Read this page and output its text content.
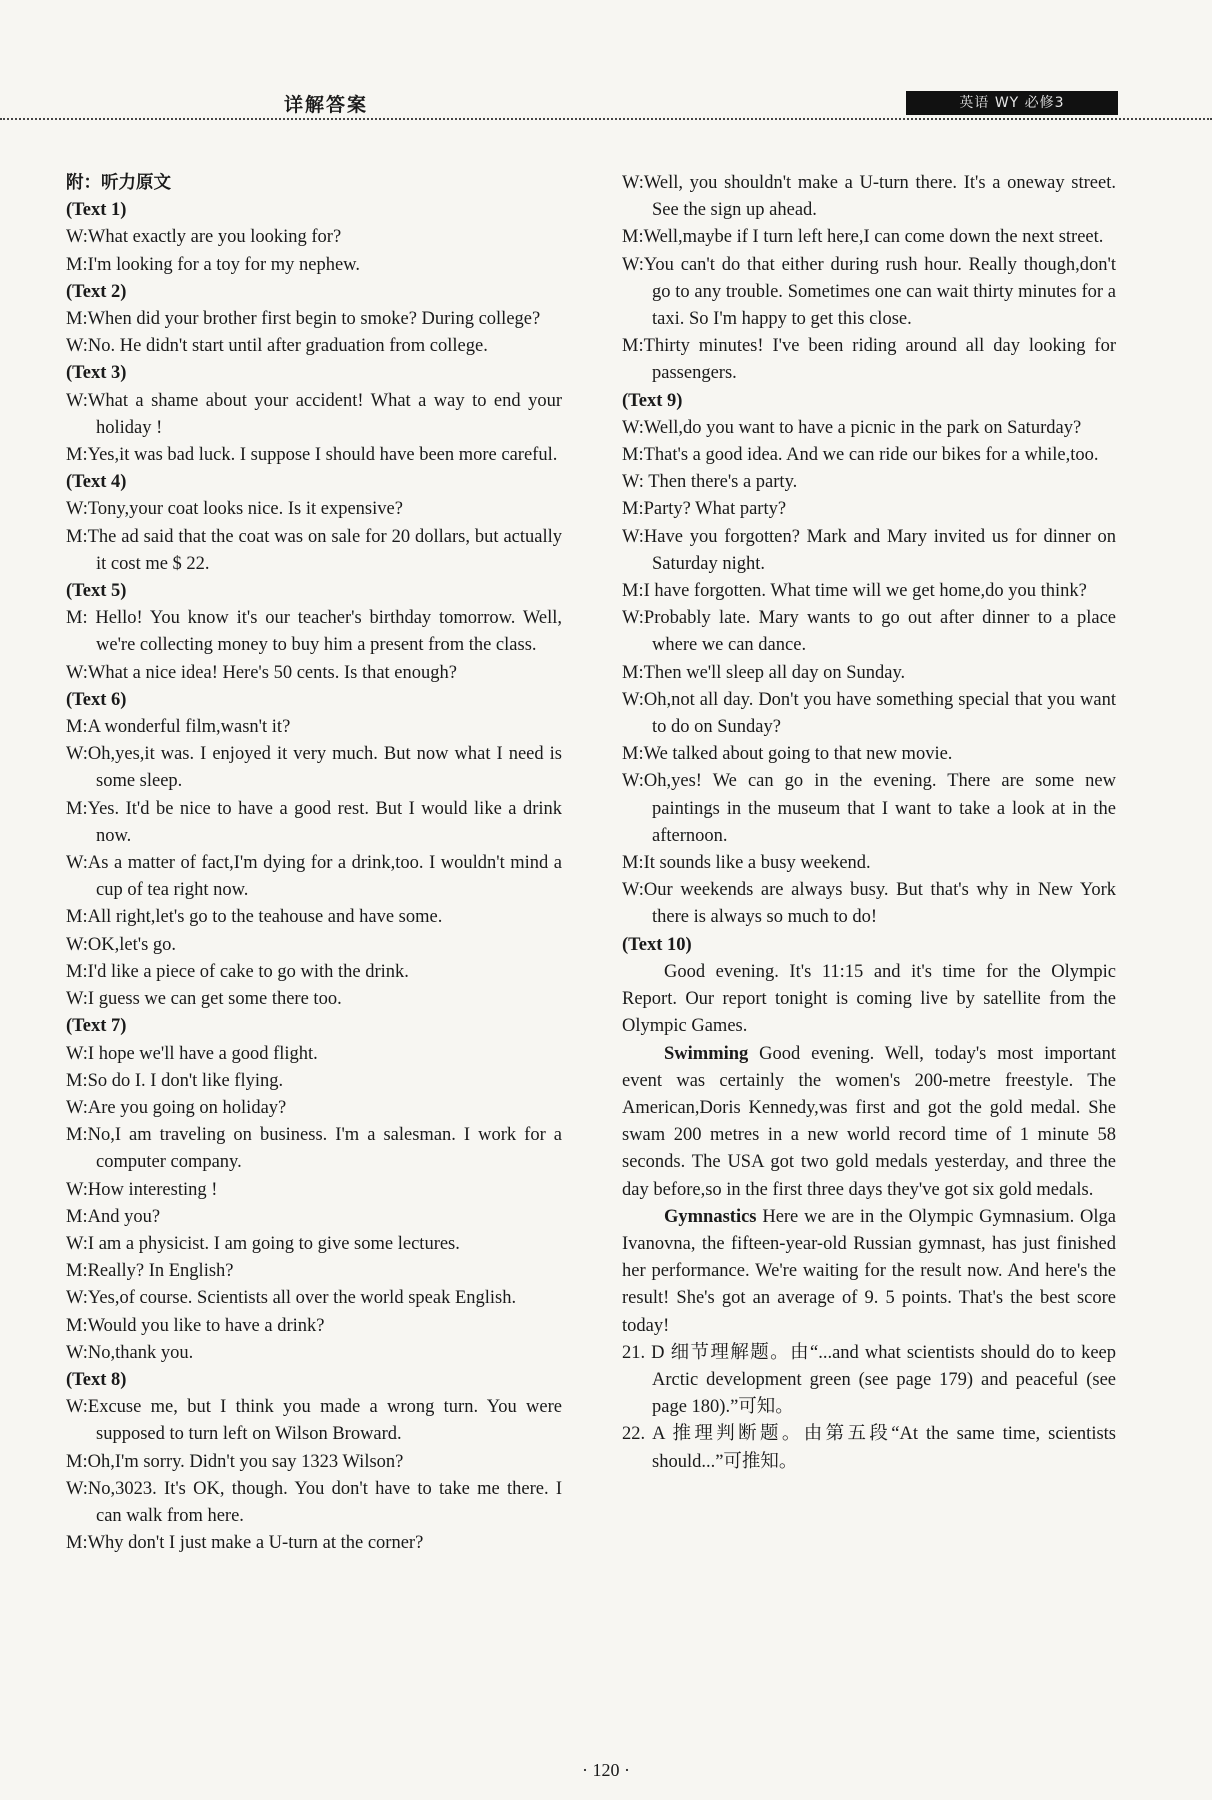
详解答案	英语 WY 必修3
附：听力原文
(Text 1)
W:What exactly are you looking for?
M:I'm looking for a toy for my nephew.
(Text 2)
M:When did your brother first begin to smoke? During college?
W:No. He didn't start until after graduation from college.
(Text 3)
W:What a shame about your accident! What a way to end your holiday !
M:Yes,it was bad luck. I suppose I should have been more careful.
(Text 4)
W:Tony,your coat looks nice. Is it expensive?
M:The ad said that the coat was on sale for 20 dollars, but actually it cost me $ 22.
(Text 5)
M: Hello! You know it's our teacher's birthday tomorrow. Well, we're collecting money to buy him a present from the class.
W:What a nice idea! Here's 50 cents. Is that enough?
(Text 6)
M:A wonderful film,wasn't it?
W:Oh,yes,it was. I enjoyed it very much. But now what I need is some sleep.
M:Yes. It'd be nice to have a good rest. But I would like a drink now.
W:As a matter of fact,I'm dying for a drink,too. I wouldn't mind a cup of tea right now.
M:All right,let's go to the teahouse and have some.
W:OK,let's go.
M:I'd like a piece of cake to go with the drink.
W:I guess we can get some there too.
(Text 7)
W:I hope we'll have a good flight.
M:So do I. I don't like flying.
W:Are you going on holiday?
M:No,I am traveling on business. I'm a salesman. I work for a computer company.
W:How interesting !
M:And you?
W:I am a physicist. I am going to give some lectures.
M:Really? In English?
W:Yes,of course. Scientists all over the world speak English.
M:Would you like to have a drink?
W:No,thank you.
(Text 8)
W:Excuse me, but I think you made a wrong turn. You were supposed to turn left on Wilson Broward.
M:Oh,I'm sorry. Didn't you say 1323 Wilson?
W:No,3023. It's OK, though. You don't have to take me there. I can walk from here.
M:Why don't I just make a U-turn at the corner?
W:Well, you shouldn't make a U-turn there. It's a oneway street. See the sign up ahead.
M:Well,maybe if I turn left here,I can come down the next street.
W:You can't do that either during rush hour. Really though,don't go to any trouble. Sometimes one can wait thirty minutes for a taxi. So I'm happy to get this close.
M:Thirty minutes! I've been riding around all day looking for passengers.
(Text 9)
W:Well,do you want to have a picnic in the park on Saturday?
M:That's a good idea. And we can ride our bikes for a while,too.
W: Then there's a party.
M:Party? What party?
W:Have you forgotten? Mark and Mary invited us for dinner on Saturday night.
M:I have forgotten. What time will we get home,do you think?
W:Probably late. Mary wants to go out after dinner to a place where we can dance.
M:Then we'll sleep all day on Sunday.
W:Oh,not all day. Don't you have something special that you want to do on Sunday?
M:We talked about going to that new movie.
W:Oh,yes! We can go in the evening. There are some new paintings in the museum that I want to take a look at in the afternoon.
M:It sounds like a busy weekend.
W:Our weekends are always busy. But that's why in New York there is always so much to do!
(Text 10)
Good evening. It's 11:15 and it's time for the Olympic Report. Our report tonight is coming live by satellite from the Olympic Games.
Swimming Good evening. Well, today's most important event was certainly the women's 200-metre freestyle. The American,Doris Kennedy,was first and got the gold medal. She swam 200 metres in a new world record time of 1 minute 58 seconds. The USA got two gold medals yesterday, and three the day before,so in the first three days they've got six gold medals.
Gymnastics Here we are in the Olympic Gymnasium. Olga Ivanovna, the fifteen-year-old Russian gymnast, has just finished her performance. We're waiting for the result now. And here's the result! She's got an average of 9. 5 points. That's the best score today!
21. D 细节理解题。由“...and what scientists should do to keep Arctic development green (see page 179) and peaceful (see page 180).”可知。
22. A 推理判断题。由第五段“At the same time, scientists should...”可推知。
· 120 ·
